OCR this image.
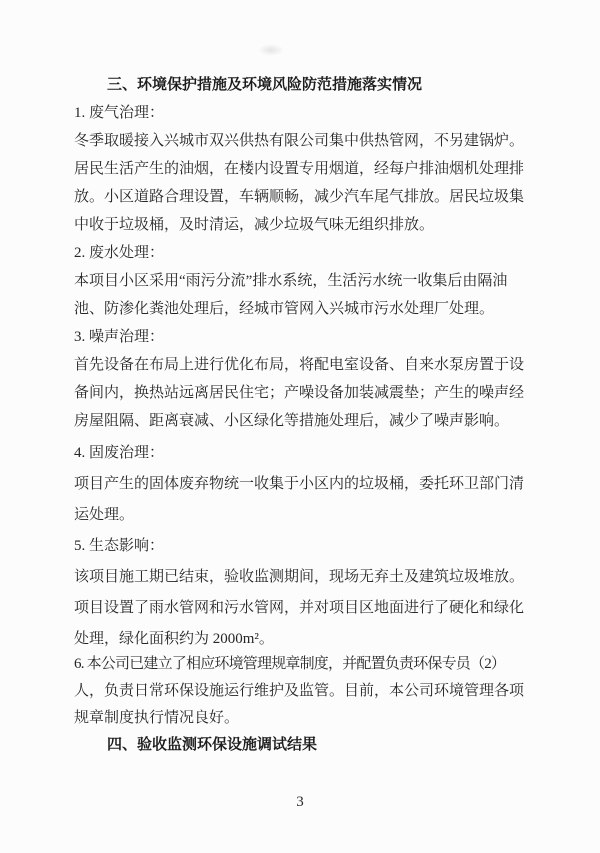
三、环境保护措施及环境风险防范措施落实情况
1. 废气治理：
冬季取暖接入兴城市双兴供热有限公司集中供热管网，不另建锅炉。
居民生活产生的油烟，在楼内设置专用烟道，经每户排油烟机处理排
放。小区道路合理设置，车辆顺畅，减少汽车尾气排放。居民垃圾集
中收于垃圾桶，及时清运，减少垃圾气味无组织排放。
2. 废水处理：
本项目小区采用“雨污分流”排水系统，生活污水统一收集后由隔油
池、防渗化粪池处理后，经城市管网入兴城市污水处理厂处理。
3. 噪声治理：
首先设备在布局上进行优化布局，将配电室设备、自来水泵房置于设
备间内，换热站远离居民住宅；产噪设备加装减震垫；产生的噪声经
房屋阻隔、距离衰减、小区绿化等措施处理后，减少了噪声影响。
4. 固废治理：
项目产生的固体废弃物统一收集于小区内的垃圾桶，委托环卫部门清
运处理。
5. 生态影响：
该项目施工期已结束，验收监测期间，现场无弃土及建筑垃圾堆放。
项目设置了雨水管网和污水管网，并对项目区地面进行了硬化和绿化
处理，绿化面积约为 2000m²。
6. 本公司已建立了相应环境管理规章制度，并配置负责环保专员（2）
人，负责日常环保设施运行维护及监管。目前，本公司环境管理各项
规章制度执行情况良好。
四、验收监测环保设施调试结果
3
